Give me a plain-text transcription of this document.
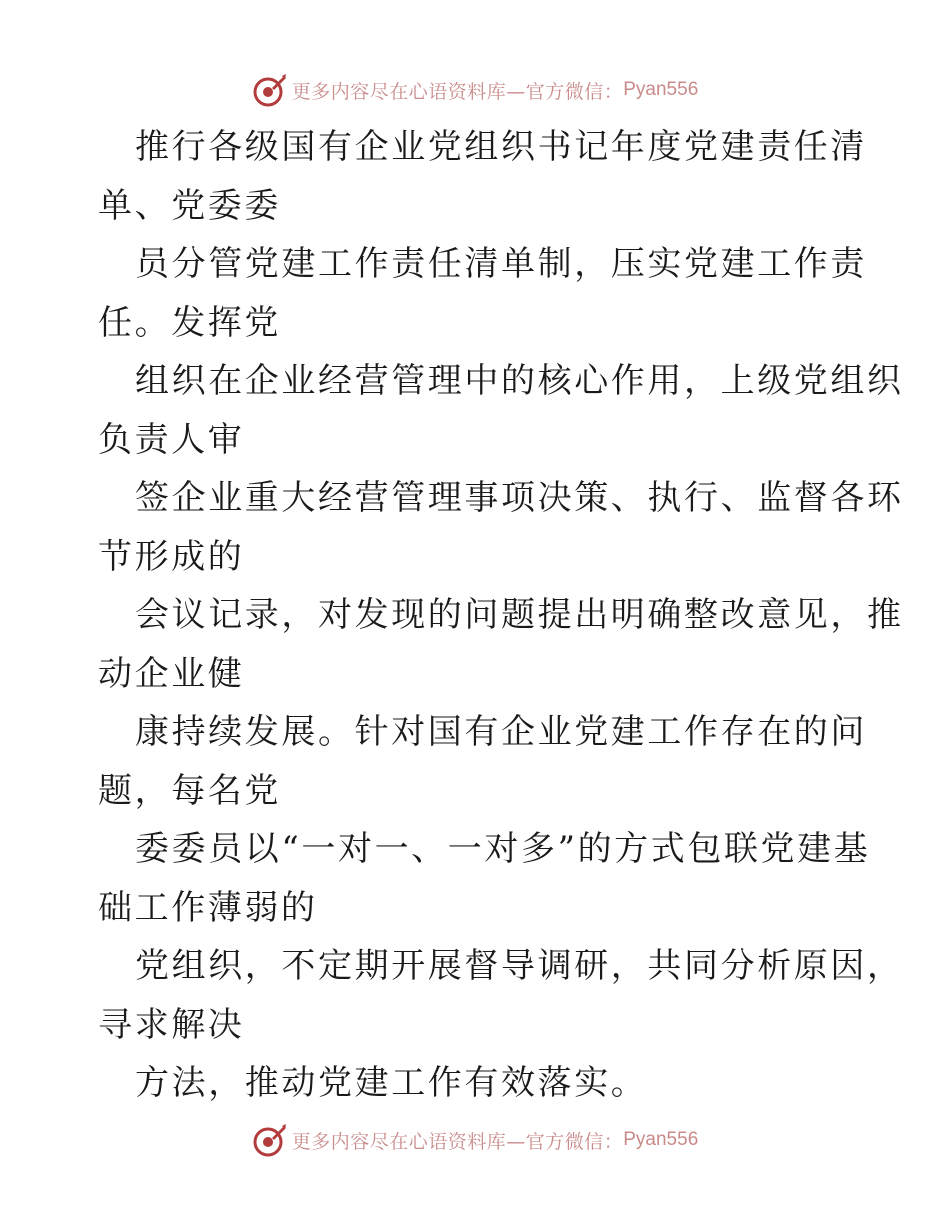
更多内容尽在心语资料库—官方微信： Pyan556
推行各级国有企业党组织书记年度党建责任清
单、党委委
员分管党建工作责任清单制，压实党建工作责
任。发挥党
组织在企业经营管理中的核心作用，上级党组织
负责人审
签企业重大经营管理事项决策、执行、监督各环
节形成的
会议记录，对发现的问题提出明确整改意见，推
动企业健
康持续发展。针对国有企业党建工作存在的问
题，每名党
委委员以“一对一、一对多”的方式包联党建基
础工作薄弱的
党组织，不定期开展督导调研，共同分析原因，
寻求解决
方法，推动党建工作有效落实。
更多内容尽在心语资料库—官方微信： Pyan556
